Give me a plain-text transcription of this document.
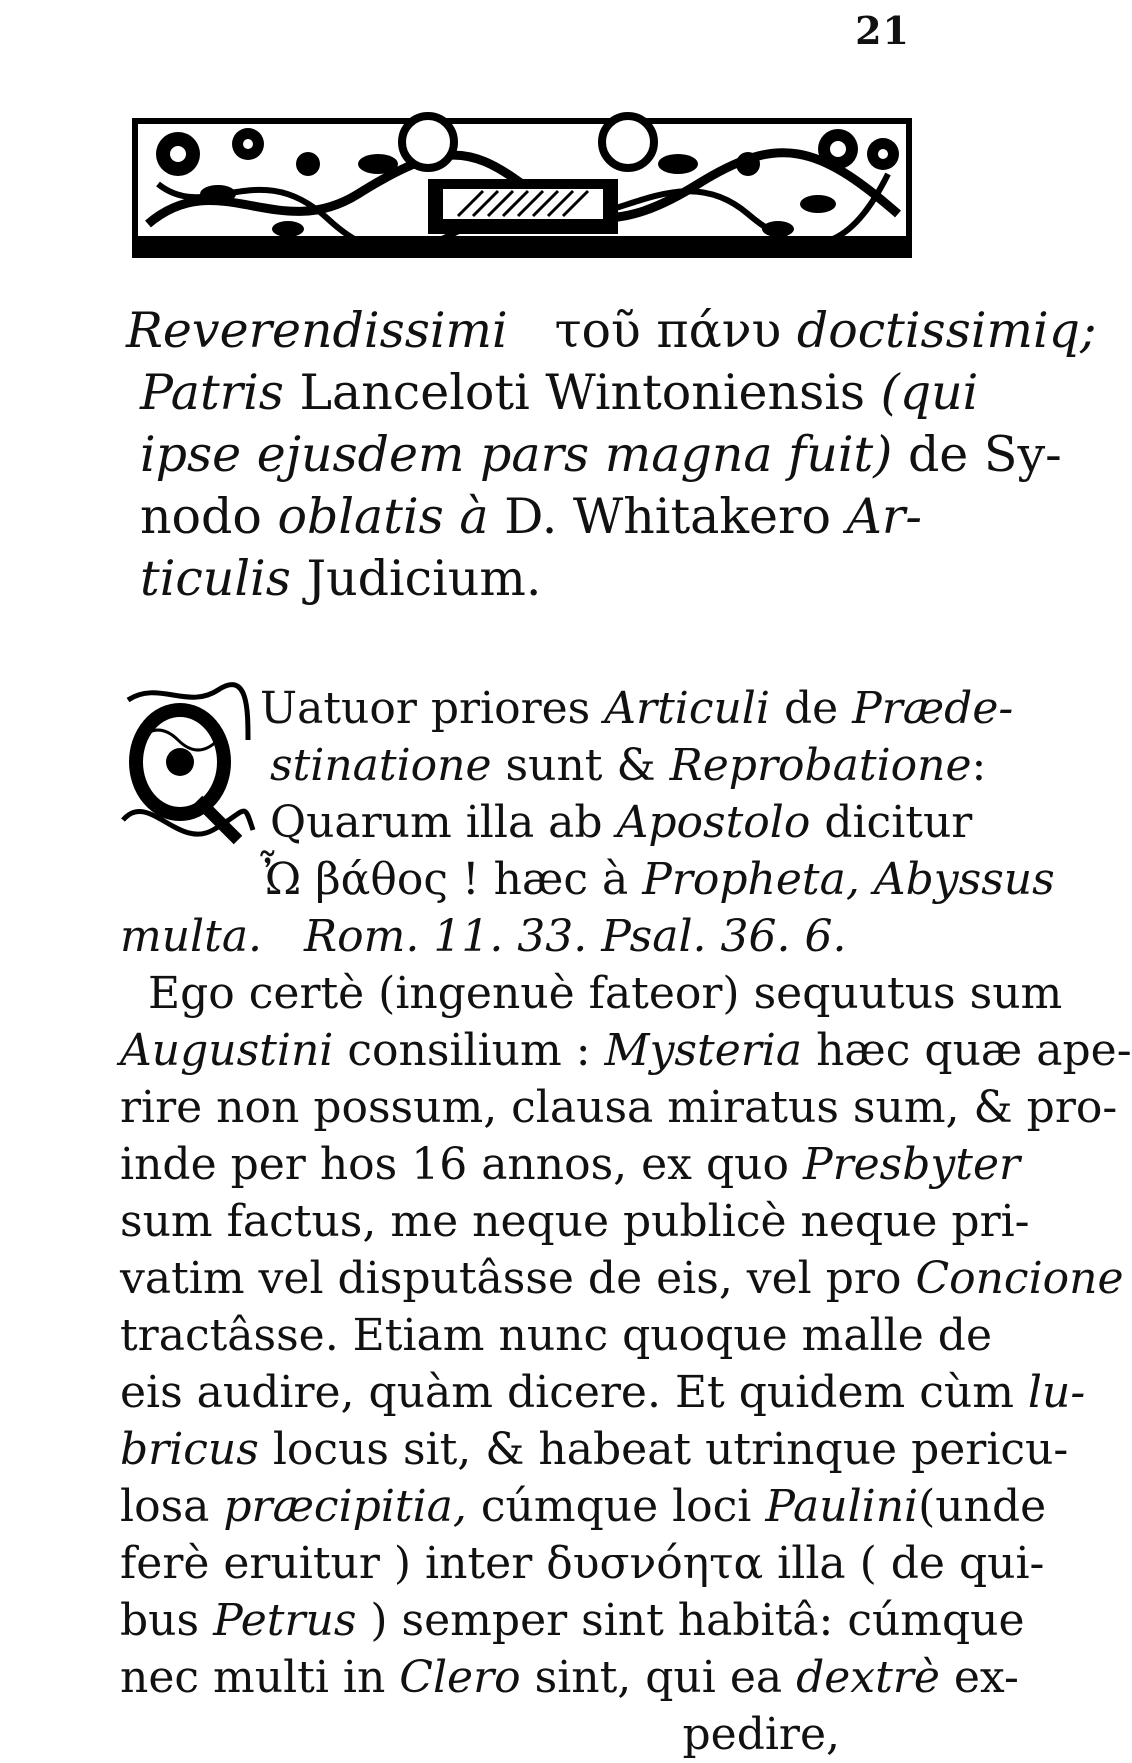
21
Reverendissimi τοῦ πάνυ doctissimiq;
Patris Lanceloti Wintoniensis (qui
ipse ejusdem pars magna fuit) de Sy-
nodo oblatis à D. Whitakero Ar-
ticulis Judicium.
Uatuor priores Articuli de Præde-
stinatione sunt & Reprobatione:
Quarum illa ab Apostolo dicitur
Ὦ βάθος ! hæc à Propheta, Abyssus
multa. Rom. 11. 33. Psal. 36. 6.
Ego certè (ingenuè fateor) sequutus sum
Augustini consilium : Mysteria hæc quæ ape-
rire non possum, clausa miratus sum, & pro-
inde per hos 16 annos, ex quo Presbyter
sum factus, me neque publicè neque pri-
vatim vel disputâsse de eis, vel pro Concione
tractâsse. Etiam nunc quoque malle de
eis audire, quàm dicere. Et quidem cùm lu-
bricus locus sit, & habeat utrinque pericu-
losa præcipitia, cúmque loci Paulini(unde
ferè eruitur ) inter δυσνόητα illa ( de qui-
bus Petrus ) semper sint habitâ: cúmque
nec multi in Clero sint, qui ea dextrè ex-
pedire,
